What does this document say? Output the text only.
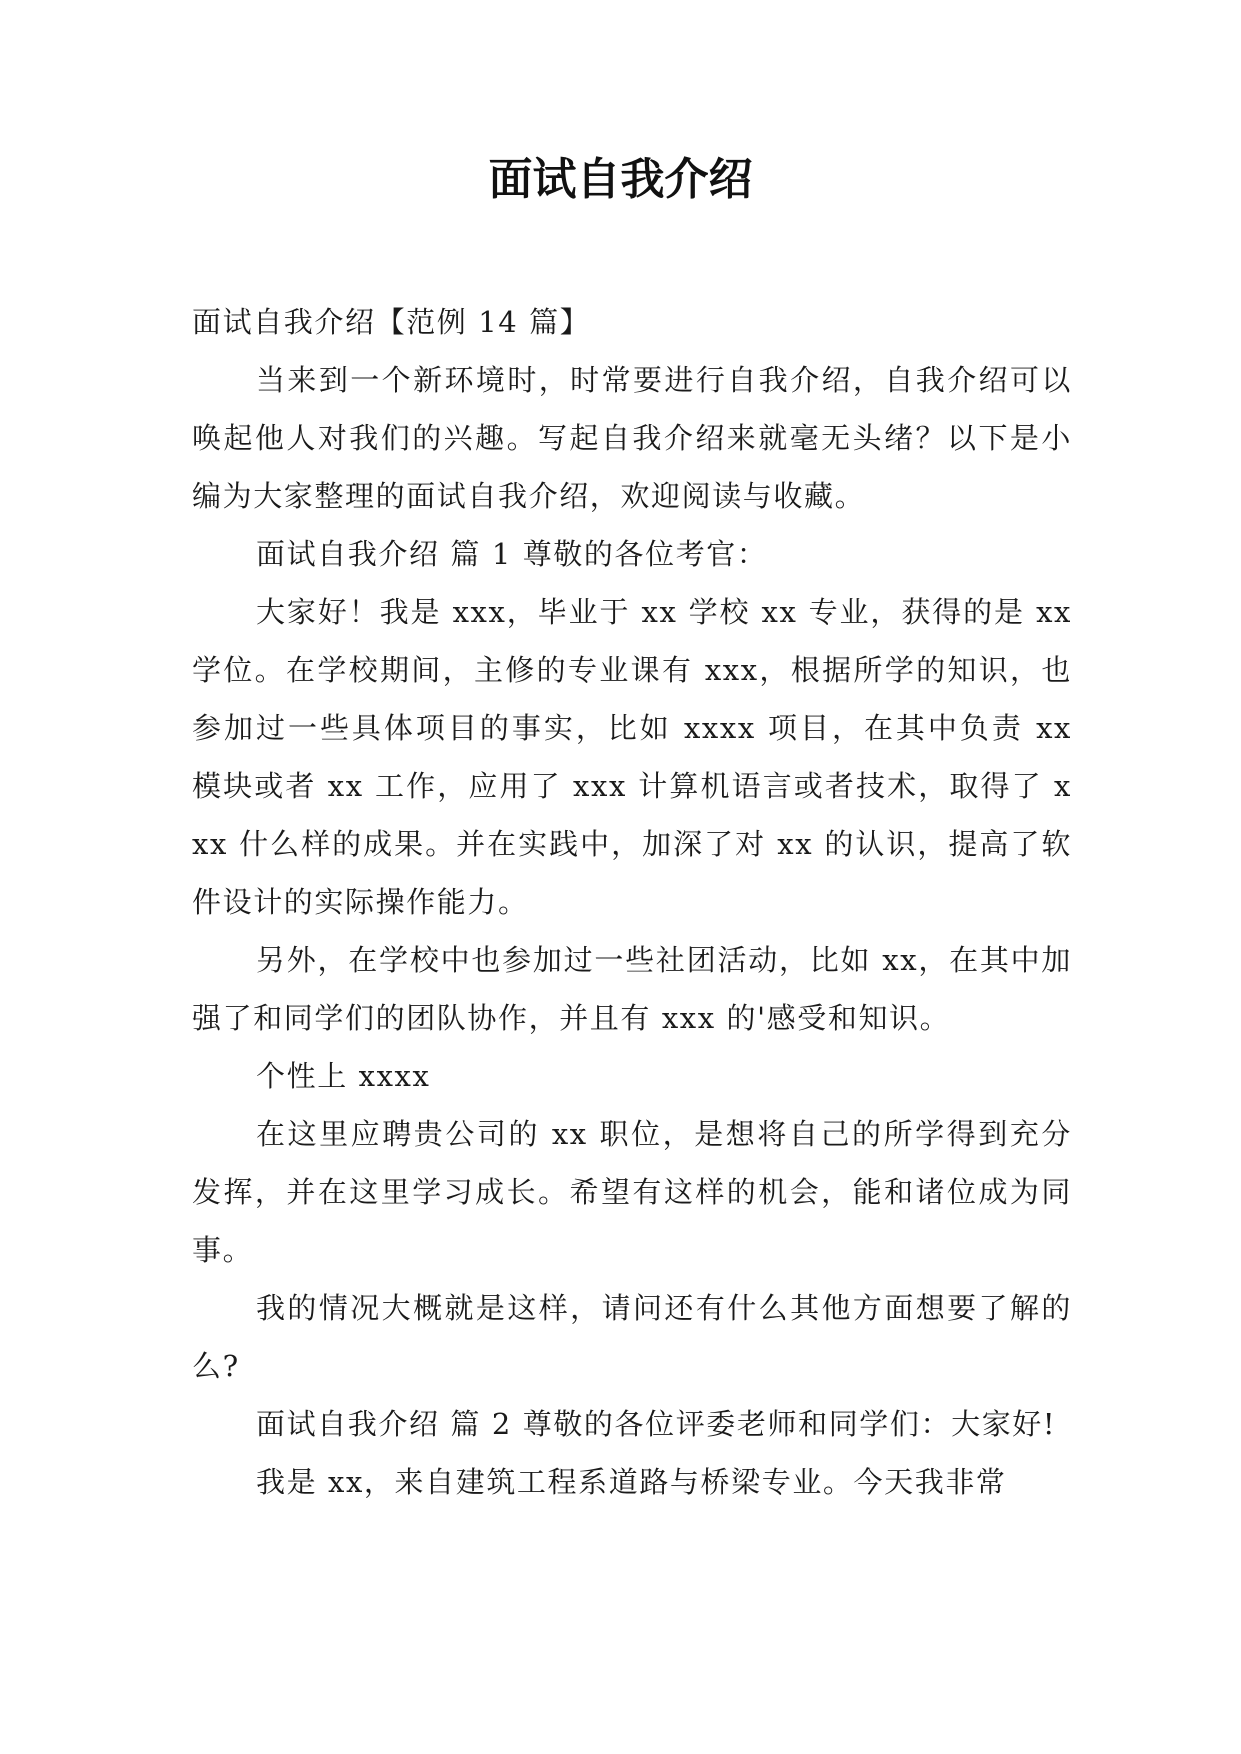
面试自我介绍

面试自我介绍【范例 14 篇】

当来到一个新环境时，时常要进行自我介绍，自我介绍可以唤起他人对我们的兴趣。写起自我介绍来就毫无头绪？以下是小编为大家整理的面试自我介绍，欢迎阅读与收藏。

面试自我介绍 篇 1 尊敬的各位考官：

大家好！我是 xxx，毕业于 xx 学校 xx 专业，获得的是 xx 学位。在学校期间，主修的专业课有 xxx，根据所学的知识，也参加过一些具体项目的事实，比如 xxxx 项目，在其中负责 xx 模块或者 xx 工作，应用了 xxx 计算机语言或者技术，取得了 xxx 什么样的成果。并在实践中，加深了对 xx 的认识，提高了软件设计的实际操作能力。

另外，在学校中也参加过一些社团活动，比如 xx，在其中加强了和同学们的团队协作，并且有 xxx 的'感受和知识。

个性上 xxxx

在这里应聘贵公司的 xx 职位，是想将自己的所学得到充分发挥，并在这里学习成长。希望有这样的机会，能和诸位成为同事。

我的情况大概就是这样，请问还有什么其他方面想要了解的么?

面试自我介绍 篇 2 尊敬的各位评委老师和同学们：大家好!

我是 xx，来自建筑工程系道路与桥梁专业。今天我非常
